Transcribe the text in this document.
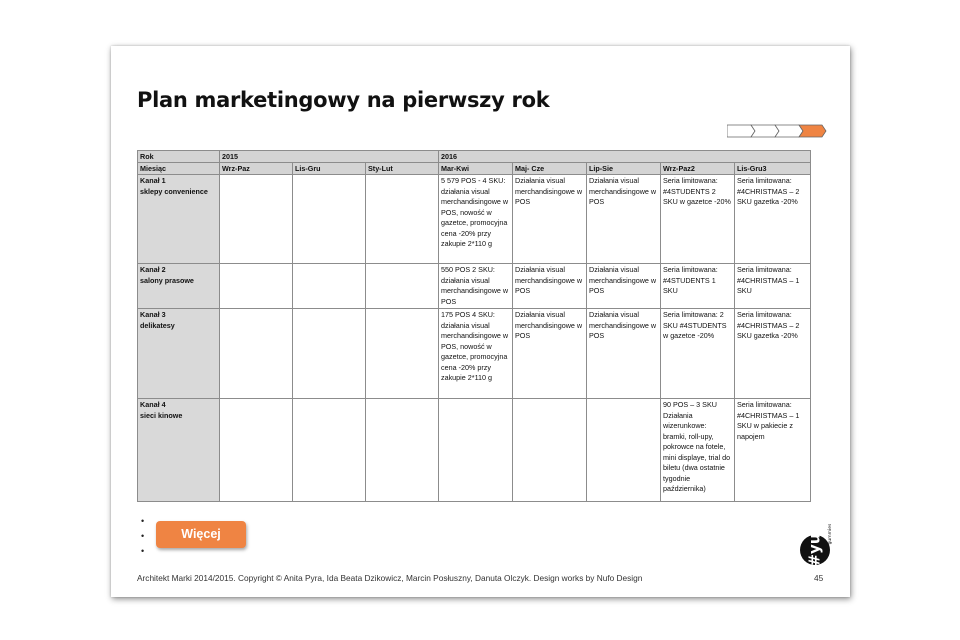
Plan marketingowy na pierwszy rok
Rok	2015			2016				
Miesiąc	Wrz-Paz	Lis-Gru	Sty-Lut	Mar-Kwi	Maj- Cze	Lip-Sie	Wrz-Paz2	Lis-Gru3

Kanał 1
sklepy convenience				5 579 POS - 4 SKU: działania visual merchandisingowe w POS, nowość w gazetce, promocyjna cena -20% przy zakupie 2*110 g	Działania visual merchandisingowe w POS	Działania visual merchandisingowe w POS	Seria limitowana: #4STUDENTS 2 SKU w gazetce -20%	Seria limitowana: #4CHRISTMAS – 2 SKU gazetka -20%

Kanał 2
salony prasowe				550 POS 2 SKU: działania visual merchandisingowe w POS	Działania visual merchandisingowe w POS	Działania visual merchandisingowe w POS	Seria limitowana: #4STUDENTS 1 SKU	Seria limitowana: #4CHRISTMAS – 1 SKU

Kanał 3
delikatesy				175 POS 4 SKU: działania visual merchandisingowe w POS, nowość w gazetce, promocyjna cena -20% przy zakupie 2*110 g	Działania visual merchandisingowe w POS	Działania visual merchandisingowe w POS	Seria limitowana: 2 SKU #4STUDENTS w gazetce -20%	Seria limitowana: #4CHRISTMAS – 2 SKU gazetka -20%

Kanał 4
sieci kinowe							90 POS – 3 SKU Działania wizerunkowe: bramki, roll-upy, pokrowce na fotele, mini displaye, trial do biletu (dwa ostatnie tygodnie października)	Seria limitowana: #4CHRISTMAS – 1 SKU w pakiecie z napojem
•
•
•
Więcej	#yu gummies
Architekt Marki 2014/2015. Copyright © Anita Pyra, Ida Beata Dzikowicz, Marcin Posłuszny, Danuta Olczyk. Design works by Nufo Design	45
